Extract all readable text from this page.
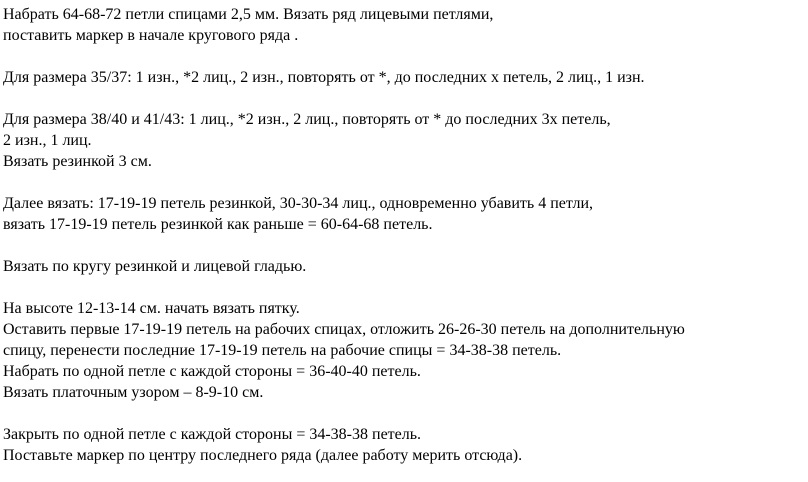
Набрать 64-68-72 петли спицами 2,5 мм. Вязать ряд лицевыми петлями,
поставить маркер в начале кругового ряда .
Для размера 35/37: 1 изн., *2 лиц., 2 изн., повторять от *, до последних х петель, 2 лиц., 1 изн.
Для размера 38/40 и 41/43: 1 лиц., *2 изн., 2 лиц., повторять от * до последних 3х петель,
2 изн., 1 лиц.
Вязать резинкой 3 см.
Далее вязать: 17-19-19 петель резинкой, 30-30-34 лиц., одновременно убавить 4 петли,
вязать 17-19-19 петель резинкой как раньше = 60-64-68 петель.
Вязать по кругу резинкой и лицевой гладью.
На высоте 12-13-14 см. начать вязать пятку.
Оставить первые 17-19-19 петель на рабочих спицах, отложить 26-26-30 петель на дополнительную
спицу, перенести последние 17-19-19 петель на рабочие спицы = 34-38-38 петель.
Набрать по одной петле с каждой стороны = 36-40-40 петель.
Вязать платочным узором – 8-9-10 см.
Закрыть по одной петле с каждой стороны = 34-38-38 петель.
Поставьте маркер по центру последнего ряда (далее работу мерить отсюда).
